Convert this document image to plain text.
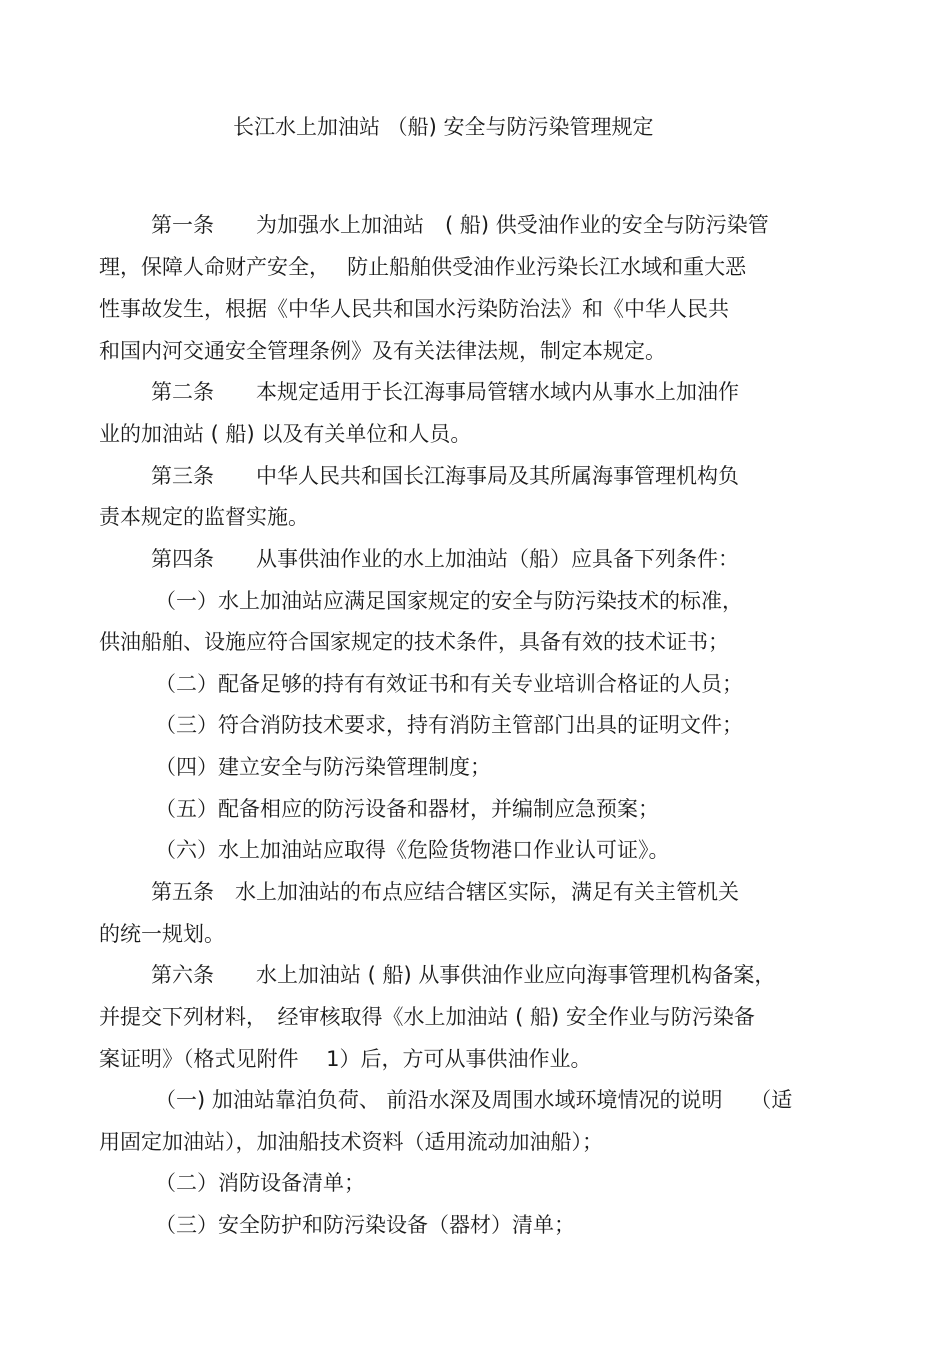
长江水上加油站 （船) 安全与防污染管理规定
第一条　　为加强水上加油站　( 船) 供受油作业的安全与防污染管
理，保障人命财产安全，　 防止船舶供受油作业污染长江水域和重大恶
性事故发生，根据《中华人民共和国水污染防治法》和《中华人民共
和国内河交通安全管理条例》及有关法律法规，制定本规定。
第二条　　本规定适用于长江海事局管辖水域内从事水上加油作
业的加油站 ( 船) 以及有关单位和人员。
第三条　　中华人民共和国长江海事局及其所属海事管理机构负
责本规定的监督实施。
第四条　　从事供油作业的水上加油站（船）应具备下列条件：
（一）水上加油站应满足国家规定的安全与防污染技术的标准，
供油船舶、设施应符合国家规定的技术条件，具备有效的技术证书；
（二）配备足够的持有有效证书和有关专业培训合格证的人员；
（三）符合消防技术要求，持有消防主管部门出具的证明文件；
（四）建立安全与防污染管理制度；
（五）配备相应的防污设备和器材，并编制应急预案；
（六）水上加油站应取得《危险货物港口作业认可证》。
第五条　水上加油站的布点应结合辖区实际，满足有关主管机关
的统一规划。
第六条　　水上加油站 ( 船) 从事供油作业应向海事管理机构备案，
并提交下列材料，　经审核取得《水上加油站 ( 船) 安全作业与防污染备
案证明》（格式见附件　 1）后，方可从事供油作业。
（一) 加油站靠泊负荷、 前沿水深及周围水域环境情况的说明　 （适
用固定加油站），加油船技术资料（适用流动加油船）；
（二）消防设备清单；
（三）安全防护和防污染设备（器材）清单；
